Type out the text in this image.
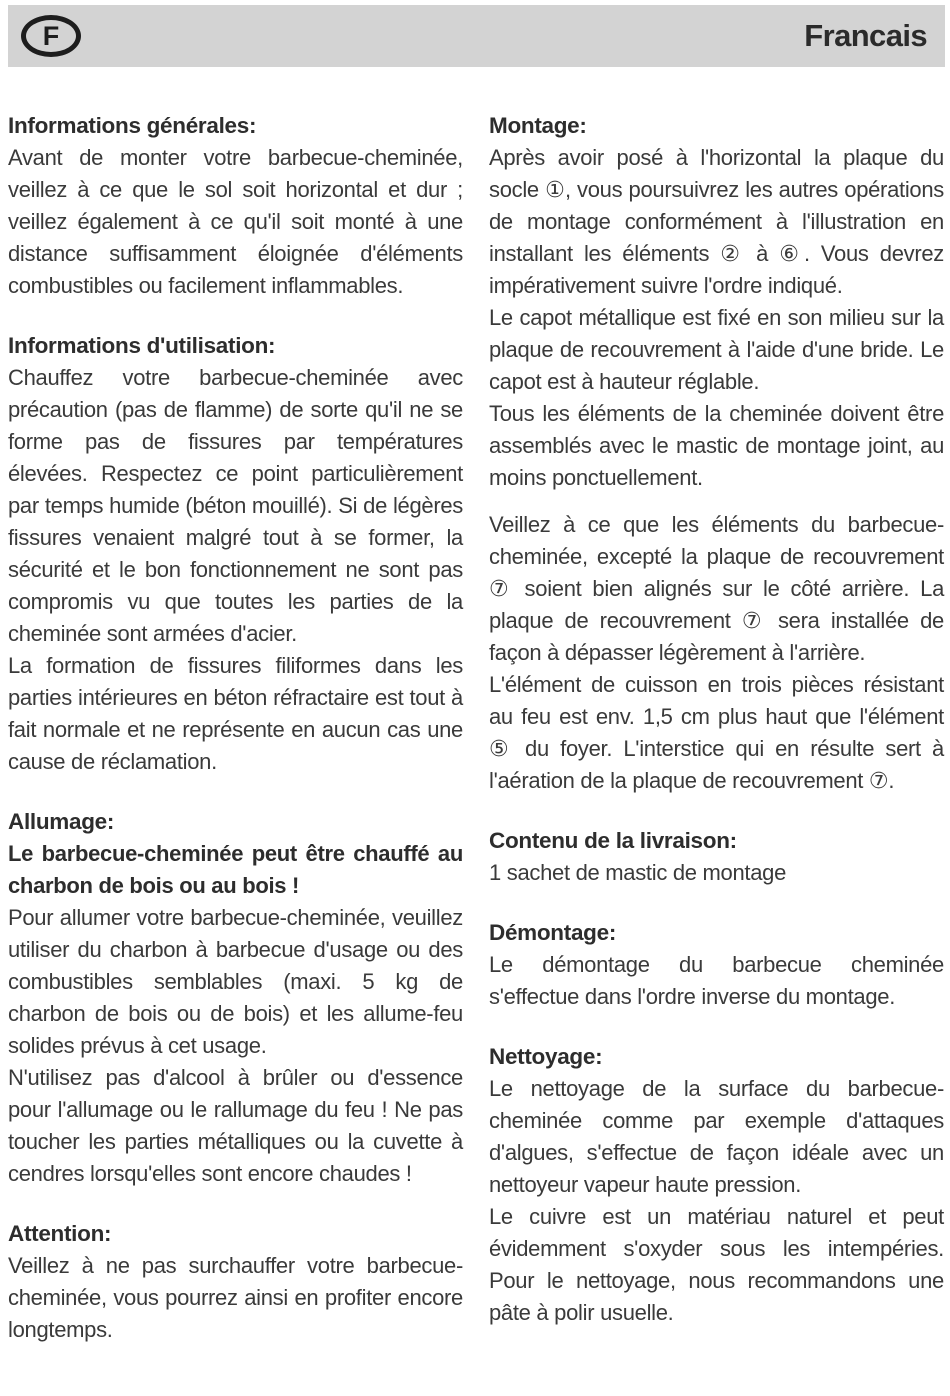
F	Francais
Informations générales:

Avant de monter votre barbecue-cheminée, veillez à ce que le sol soit horizontal et dur ; veillez également à ce qu'il soit monté à une distance suffisamment éloignée d'éléments combustibles ou facilement inflammables.

Informations d'utilisation:

Chauffez votre barbecue-cheminée avec précaution (pas de flamme) de sorte qu'il ne se forme pas de fissures par températures élevées. Respectez ce point particulièrement par temps humide (béton mouillé). Si de légères fissures venaient malgré tout à se former, la sécurité et le bon fonctionnement ne sont pas compromis vu que toutes les parties de la cheminée sont armées d'acier.

La formation de fissures filiformes dans les parties intérieures en béton réfractaire est tout à fait normale et ne représente en aucun cas une cause de réclamation.

Allumage:

Le barbecue-cheminée peut être chauffé au charbon de bois ou au bois !

Pour allumer votre barbecue-cheminée, veuillez utiliser du charbon à barbecue d'usage ou des combustibles semblables (maxi. 5 kg de charbon de bois ou de bois) et les allume-feu solides prévus à cet usage.

N'utilisez pas d'alcool à brûler ou d'essence pour l'allumage ou le rallumage du feu ! Ne pas toucher les parties métalliques ou la cuvette à cendres lorsqu'elles sont encore chaudes !

Attention:

Veillez à ne pas surchauffer votre barbecue-cheminée, vous pourrez ainsi en profiter encore longtemps.

Montage:

Après avoir posé à l'horizontal la plaque du socle ①, vous poursuivrez les autres opérations de montage conformément à l'illustration en installant les éléments ② à ⑥. Vous devrez impérativement suivre l'ordre indiqué.

Le capot métallique est fixé en son milieu sur la plaque de recouvrement à l'aide d'une bride. Le capot est à hauteur réglable.

Tous les éléments de la cheminée doivent être assemblés avec le mastic de montage joint, au moins ponctuellement.

Veillez à ce que les éléments du barbecue-cheminée, excepté la plaque de recouvrement ⑦ soient bien alignés sur le côté arrière. La plaque de recouvrement ⑦ sera installée de façon à dépasser légèrement à l'arrière.

L'élément de cuisson en trois pièces résistant au feu est env. 1,5 cm plus haut que l'élément ⑤ du foyer. L'interstice qui en résulte sert à l'aération de la plaque de recouvrement ⑦.

Contenu de la livraison:

1 sachet de mastic de montage

Démontage:

Le démontage du barbecue cheminée s'effectue dans l'ordre inverse du montage.

Nettoyage:

Le nettoyage de la surface du barbecue-cheminée comme par exemple d'attaques d'algues, s'effectue de façon idéale avec un nettoyeur vapeur haute pression.

Le cuivre est un matériau naturel et peut évidemment s'oxyder sous les intempéries. Pour le nettoyage, nous recommandons une pâte à polir usuelle.
